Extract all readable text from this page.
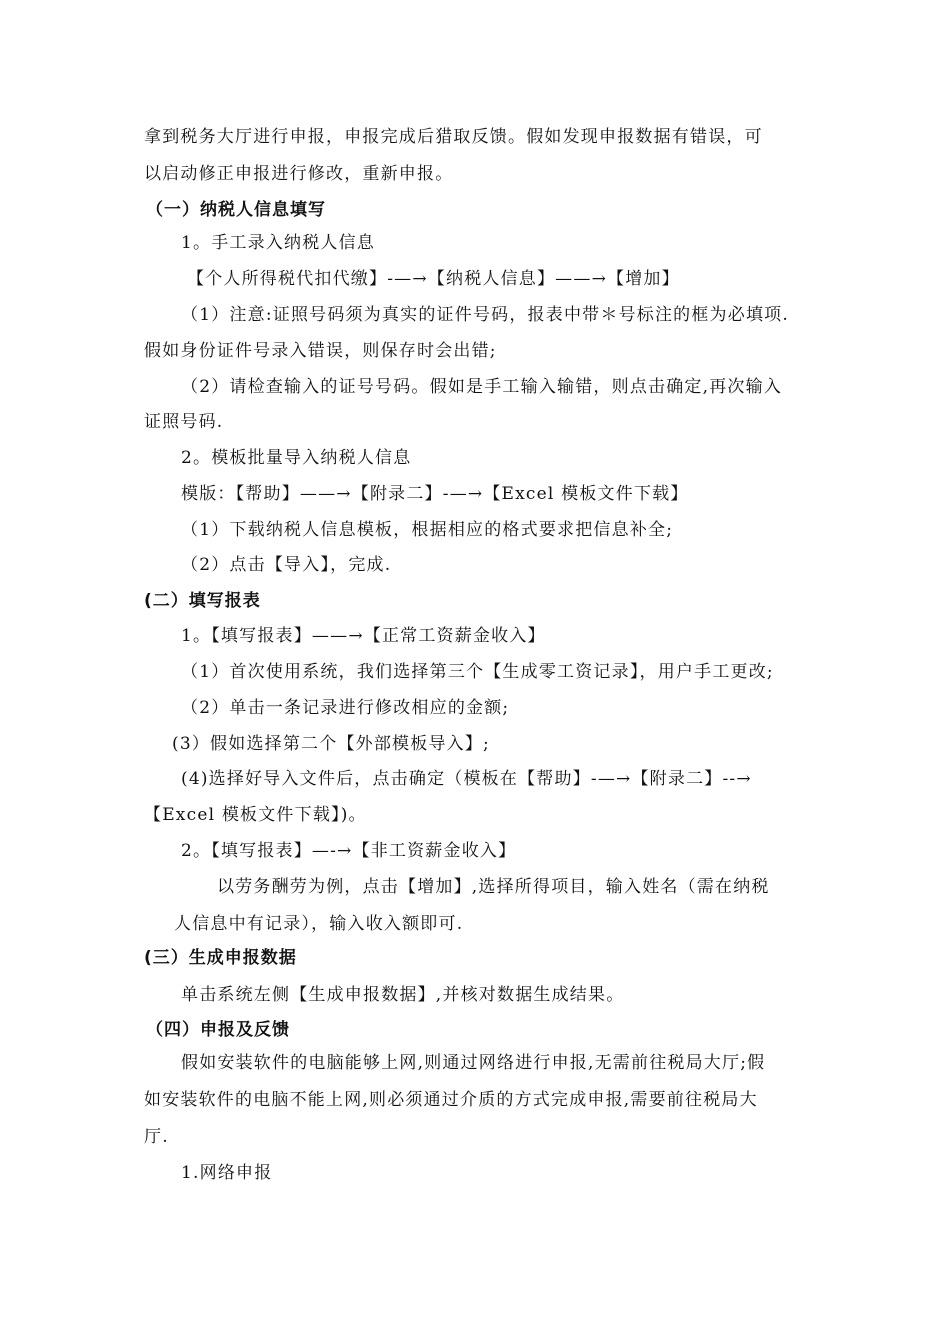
拿到税务大厅进行申报，申报完成后猎取反馈。假如发现申报数据有错误，可
以启动修正申报进行修改，重新申报。
（一）纳税人信息填写
1。手工录入纳税人信息
【个人所得税代扣代缴】-—→【纳税人信息】——→【增加】
（1）注意:证照号码须为真实的证件号码，报表中带＊号标注的框为必填项.
假如身份证件号录入错误，则保存时会出错;
（2）请检查输入的证号号码。假如是手工输入输错，则点击确定,再次输入
证照号码.
2。模板批量导入纳税人信息
模版：【帮助】——→【附录二】-—→【Excel 模板文件下载】
（1）下载纳税人信息模板，根据相应的格式要求把信息补全;
（2）点击【导入】，完成.
(二）填写报表
1。【填写报表】——→【正常工资薪金收入】
（1）首次使用系统，我们选择第三个【生成零工资记录】，用户手工更改;
（2）单击一条记录进行修改相应的金额;
(3）假如选择第二个【外部模板导入】;
(4)选择好导入文件后，点击确定（模板在【帮助】-—→【附录二】--→
【Excel 模板文件下载】)。
2。【填写报表】—-→【非工资薪金收入】
以劳务酬劳为例，点击【增加】,选择所得项目，输入姓名（需在纳税
人信息中有记录），输入收入额即可.
(三）生成申报数据
单击系统左侧【生成申报数据】,并核对数据生成结果。
（四）申报及反馈
假如安装软件的电脑能够上网,则通过网络进行申报,无需前往税局大厅;假
如安装软件的电脑不能上网,则必须通过介质的方式完成申报,需要前往税局大
厅.
1.网络申报
